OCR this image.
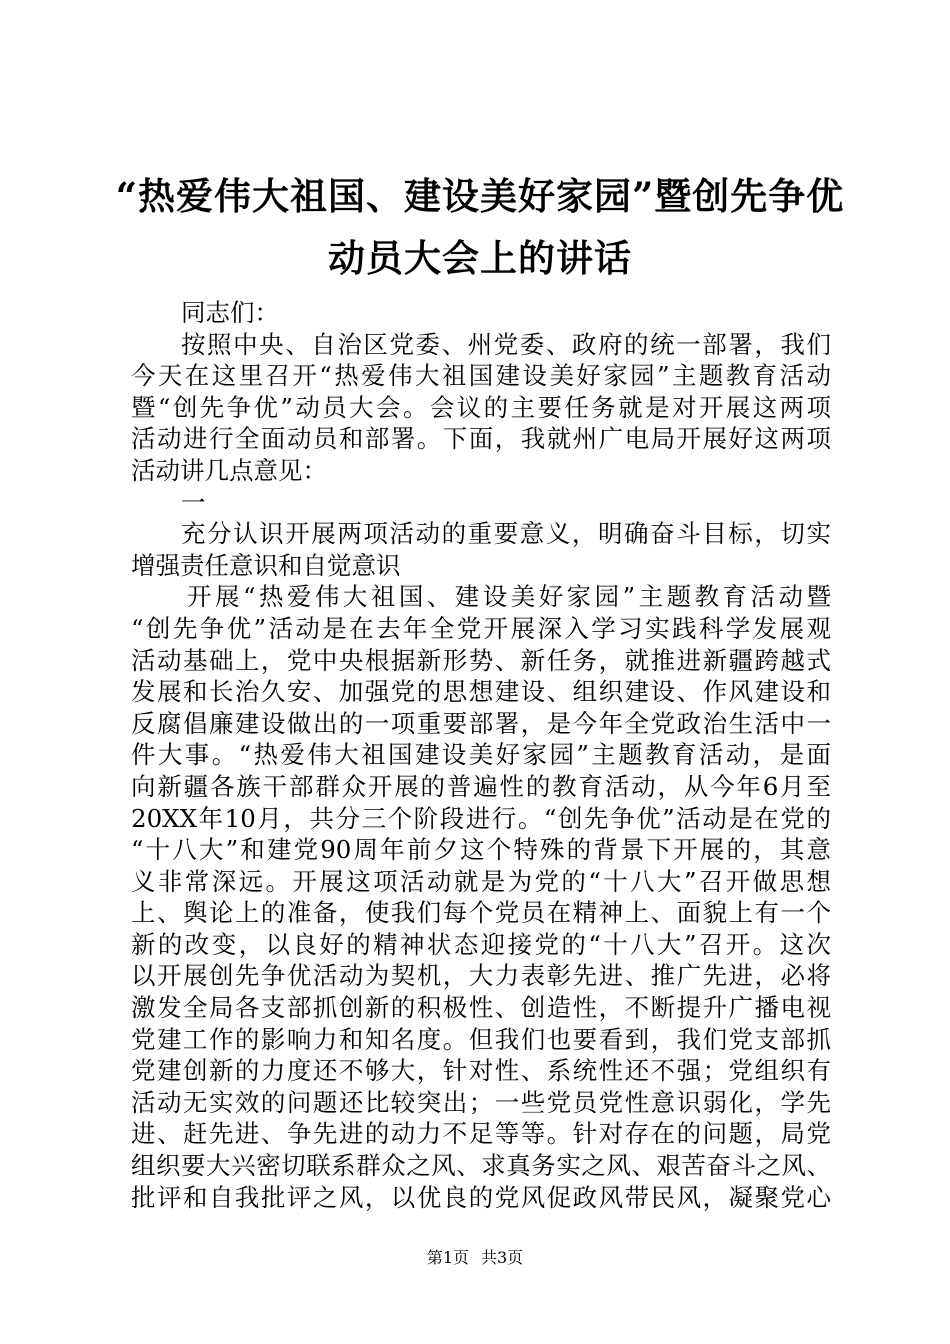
“热爱伟大祖国、建设美好家园”暨创先争优
动员大会上的讲话
同志们：
按照中央、自治区党委、州党委、政府的统一部署，我们
今天在这里召开“热爱伟大祖国建设美好家园”主题教育活动
暨“创先争优”动员大会。会议的主要任务就是对开展这两项
活动进行全面动员和部署。下面，我就州广电局开展好这两项
活动讲几点意见：
一
充分认识开展两项活动的重要意义，明确奋斗目标，切实
增强责任意识和自觉意识
开展“热爱伟大祖国、建设美好家园”主题教育活动暨
“创先争优”活动是在去年全党开展深入学习实践科学发展观
活动基础上，党中央根据新形势、新任务，就推进新疆跨越式
发展和长治久安、加强党的思想建设、组织建设、作风建设和
反腐倡廉建设做出的一项重要部署，是今年全党政治生活中一
件大事。“热爱伟大祖国建设美好家园”主题教育活动，是面
向新疆各族干部群众开展的普遍性的教育活动，从今年6月至
20XX年10月，共分三个阶段进行。“创先争优”活动是在党的
“十八大”和建党90周年前夕这个特殊的背景下开展的，其意
义非常深远。开展这项活动就是为党的“十八大”召开做思想
上、舆论上的准备，使我们每个党员在精神上、面貌上有一个
新的改变，以良好的精神状态迎接党的“十八大”召开。这次
以开展创先争优活动为契机，大力表彰先进、推广先进，必将
激发全局各支部抓创新的积极性、创造性，不断提升广播电视
党建工作的影响力和知名度。但我们也要看到，我们党支部抓
党建创新的力度还不够大，针对性、系统性还不强；党组织有
活动无实效的问题还比较突出；一些党员党性意识弱化，学先
进、赶先进、争先进的动力不足等等。针对存在的问题，局党
组织要大兴密切联系群众之风、求真务实之风、艰苦奋斗之风、
批评和自我批评之风，以优良的党风促政风带民风，凝聚党心
第1页 共3页
